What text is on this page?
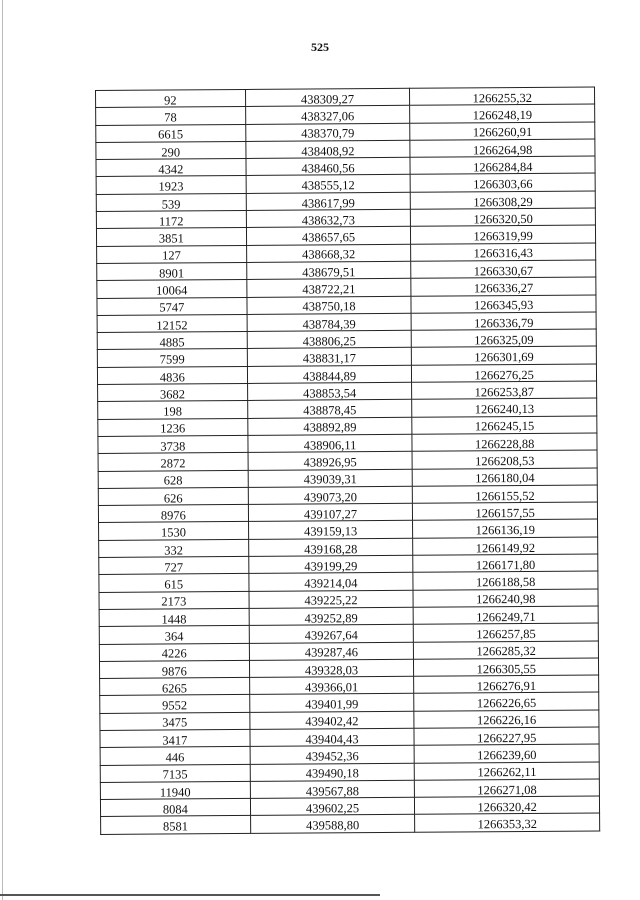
525
92	438309,27	1266255,32
78	438327,06	1266248,19
6615	438370,79	1266260,91
290	438408,92	1266264,98
4342	438460,56	1266284,84
1923	438555,12	1266303,66
539	438617,99	1266308,29
1172	438632,73	1266320,50
3851	438657,65	1266319,99
127	438668,32	1266316,43
8901	438679,51	1266330,67
10064	438722,21	1266336,27
5747	438750,18	1266345,93
12152	438784,39	1266336,79
4885	438806,25	1266325,09
7599	438831,17	1266301,69
4836	438844,89	1266276,25
3682	438853,54	1266253,87
198	438878,45	1266240,13
1236	438892,89	1266245,15
3738	438906,11	1266228,88
2872	438926,95	1266208,53
628	439039,31	1266180,04
626	439073,20	1266155,52
8976	439107,27	1266157,55
1530	439159,13	1266136,19
332	439168,28	1266149,92
727	439199,29	1266171,80
615	439214,04	1266188,58
2173	439225,22	1266240,98
1448	439252,89	1266249,71
364	439267,64	1266257,85
4226	439287,46	1266285,32
9876	439328,03	1266305,55
6265	439366,01	1266276,91
9552	439401,99	1266226,65
3475	439402,42	1266226,16
3417	439404,43	1266227,95
446	439452,36	1266239,60
7135	439490,18	1266262,11
11940	439567,88	1266271,08
8084	439602,25	1266320,42
8581	439588,80	1266353,32
